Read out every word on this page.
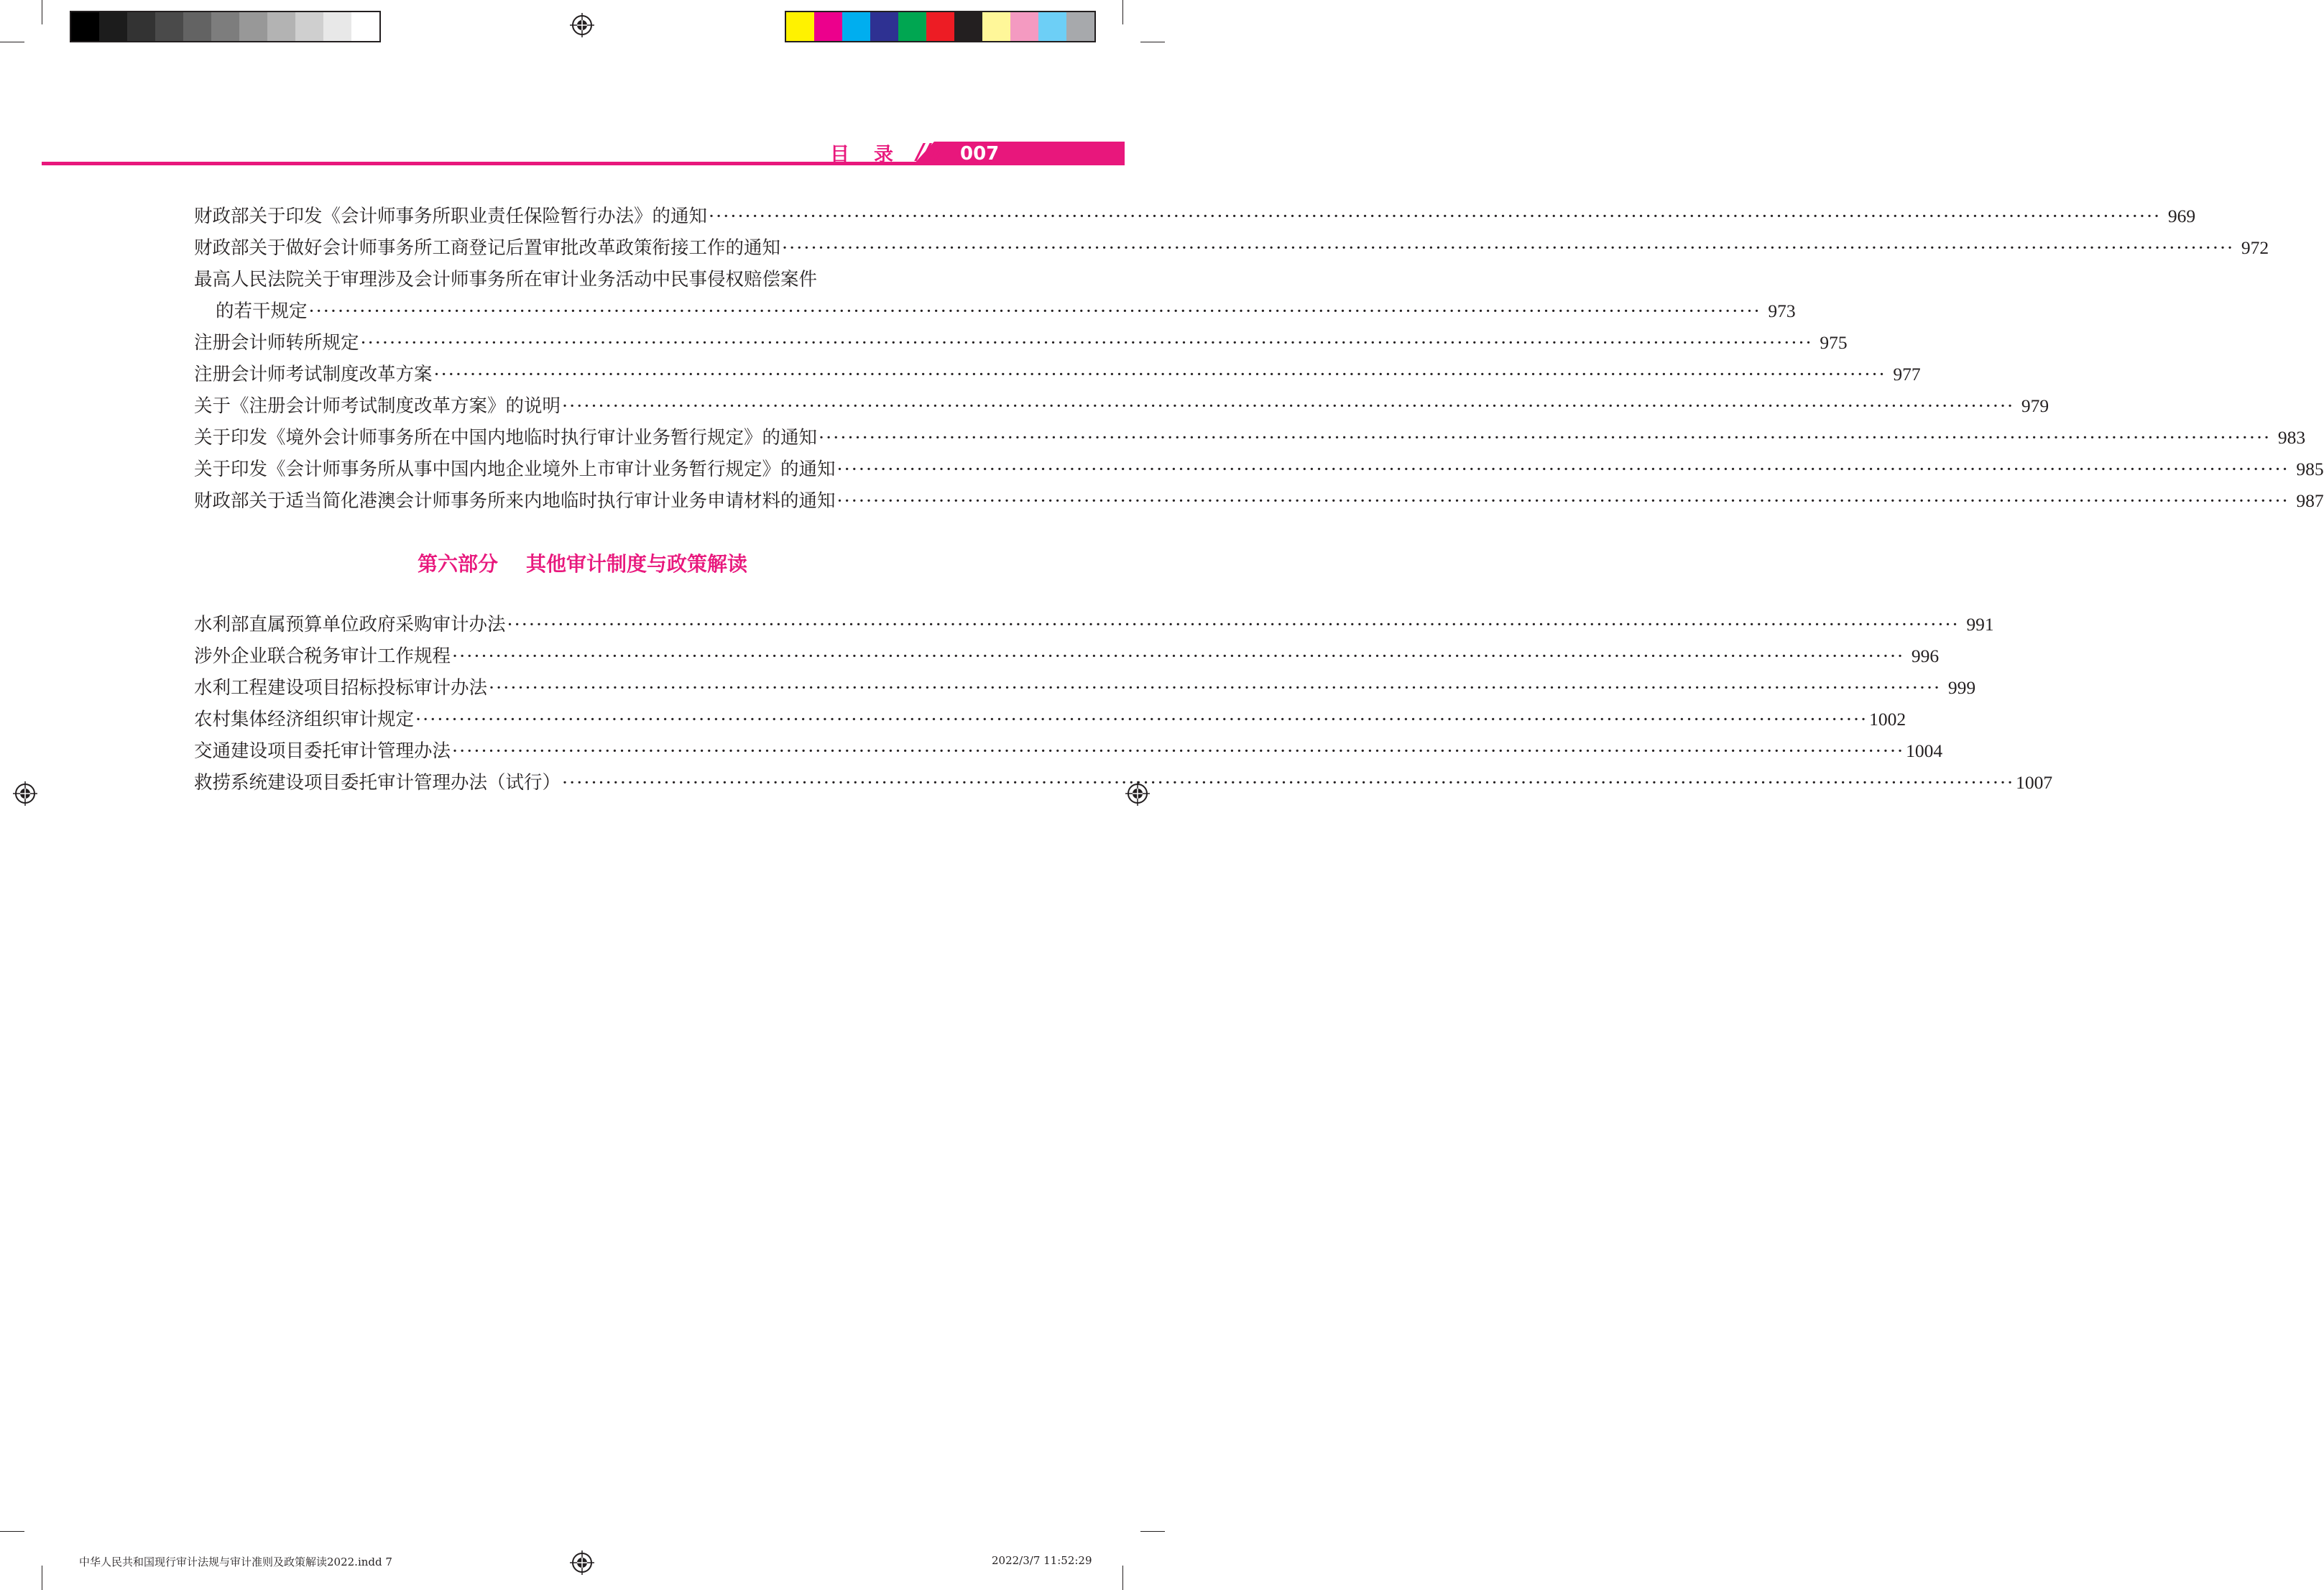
目录
//// 007
财政部关于印发《会计师事务所职业责任保险暂行办法》的通知 ········································································································································································································ 969
财政部关于做好会计师事务所工商登记后置审批改革政策衔接工作的通知 ········································································································································································································ 972
最高人民法院关于审理涉及会计师事务所在审计业务活动中民事侵权赔偿案件
的若干规定 ········································································································································································································ 973
注册会计师转所规定 ········································································································································································································ 975
注册会计师考试制度改革方案 ········································································································································································································ 977
关于《注册会计师考试制度改革方案》的说明 ········································································································································································································ 979
关于印发《境外会计师事务所在中国内地临时执行审计业务暂行规定》的通知 ········································································································································································································ 983
关于印发《会计师事务所从事中国内地企业境外上市审计业务暂行规定》的通知 ········································································································································································································ 985
财政部关于适当简化港澳会计师事务所来内地临时执行审计业务申请材料的通知 ········································································································································································································ 987
第六部分 其他审计制度与政策解读
水利部直属预算单位政府采购审计办法 ········································································································································································································ 991
涉外企业联合税务审计工作规程 ········································································································································································································ 996
水利工程建设项目招标投标审计办法 ········································································································································································································ 999
农村集体经济组织审计规定 ········································································································································································································ 1002
交通建设项目委托审计管理办法 ········································································································································································································ 1004
救捞系统建设项目委托审计管理办法（试行） ········································································································································································································ 1007
中华人民共和国现行审计法规与审计准则及政策解读2022.indd 7	2022/3/7 11:52:29
